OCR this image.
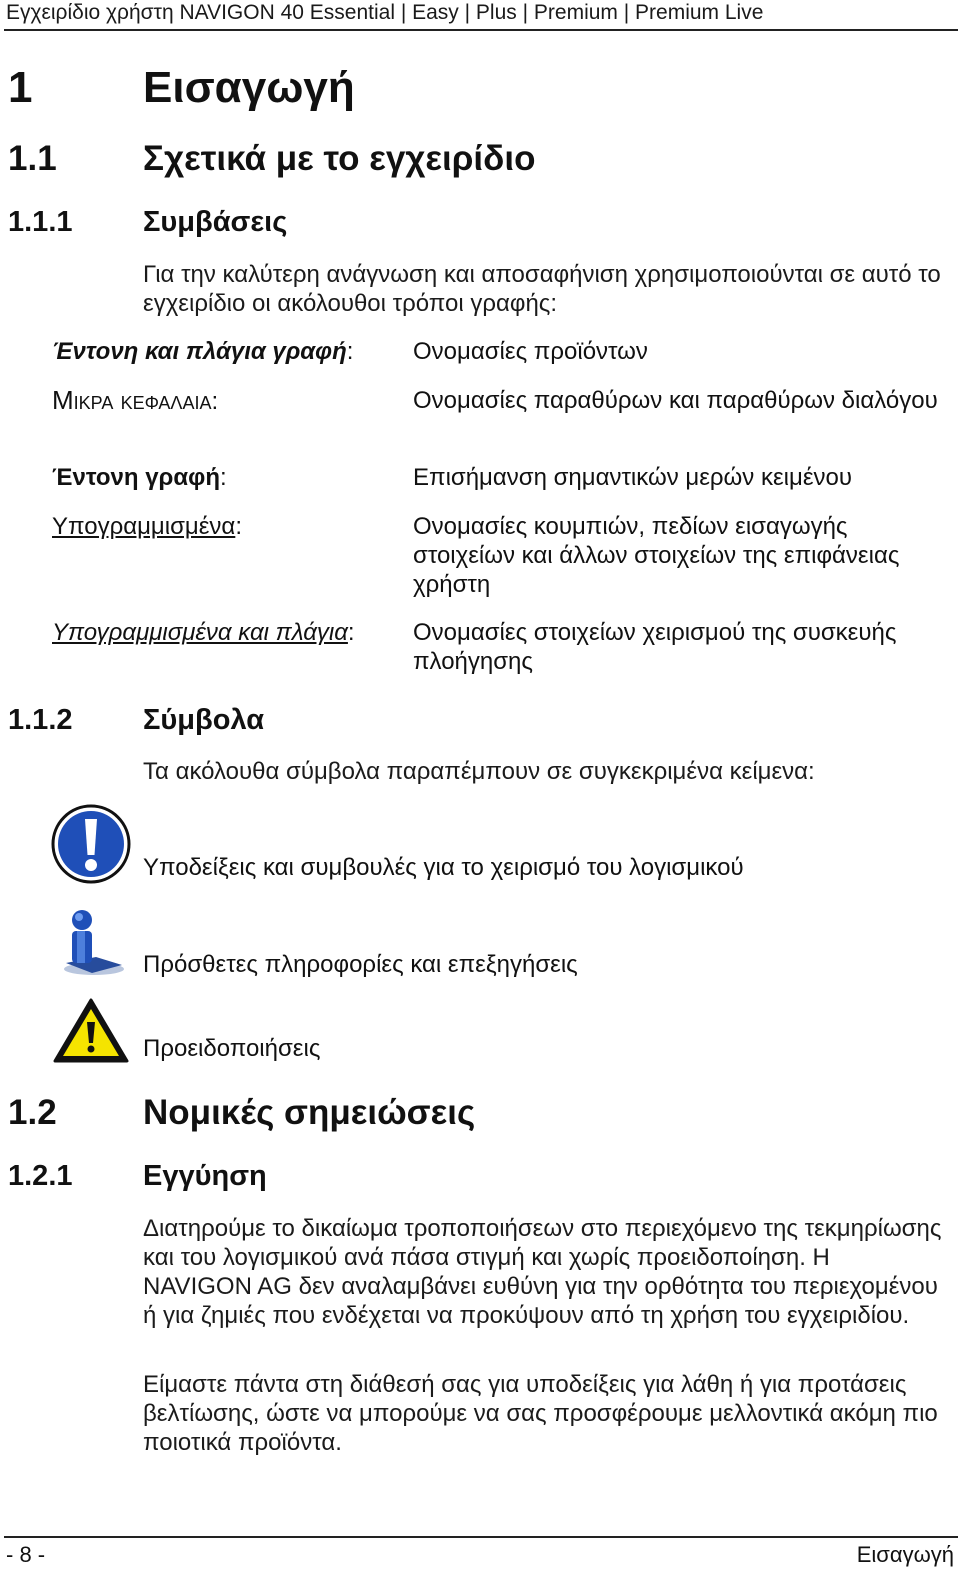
Εγχειρίδιο χρήστη NAVIGON 40 Essential | Easy | Plus | Premium | Premium Live
1	Εισαγωγή
1.1 Σχετικά με το εγχειρίδιο
1.1.1 Συμβάσεις
Για την καλύτερη ανάγνωση και αποσαφήνιση χρησιμοποιούνται σε αυτό το εγχειρίδιο οι ακόλουθοι τρόποι γραφής:
Έντονη και πλάγια γραφή: Ονομασίες προϊόντων
Μικρα κεφαλαια:	Ονομασίες παραθύρων και παραθύρων διαλόγου
Έντονη γραφή:	Επισήμανση σημαντικών μερών κειμένου
Υπογραμμισμένα:	Ονομασίες κουμπιών, πεδίων εισαγωγής στοιχείων και άλλων στοιχείων της επιφάνειας χρήστη
Υπογραμμισμένα και πλάγια: Ονομασίες στοιχείων χειρισμού της συσκευής πλοήγησης
1.1.2 Σύμβολα
Τα ακόλουθα σύμβολα παραπέμπουν σε συγκεκριμένα κείμενα:
Υποδείξεις και συμβουλές για το χειρισμό του λογισμικού
Πρόσθετες πληροφορίες και επεξηγήσεις
Προειδοποιήσεις
1.2 Νομικές σημειώσεις
1.2.1 Εγγύηση
Διατηρούμε το δικαίωμα τροποποιήσεων στο περιεχόμενο της τεκμηρίωσης και του λογισμικού ανά πάσα στιγμή και χωρίς προειδοποίηση. Η NAVIGON AG δεν αναλαμβάνει ευθύνη για την ορθότητα του περιεχομένου ή για ζημιές που ενδέχεται να προκύψουν από τη χρήση του εγχειριδίου.
Είμαστε πάντα στη διάθεσή σας για υποδείξεις για λάθη ή για προτάσεις βελτίωσης, ώστε να μπορούμε να σας προσφέρουμε μελλοντικά ακόμη πιο ποιοτικά προϊόντα.
- 8 -	Εισαγωγή
